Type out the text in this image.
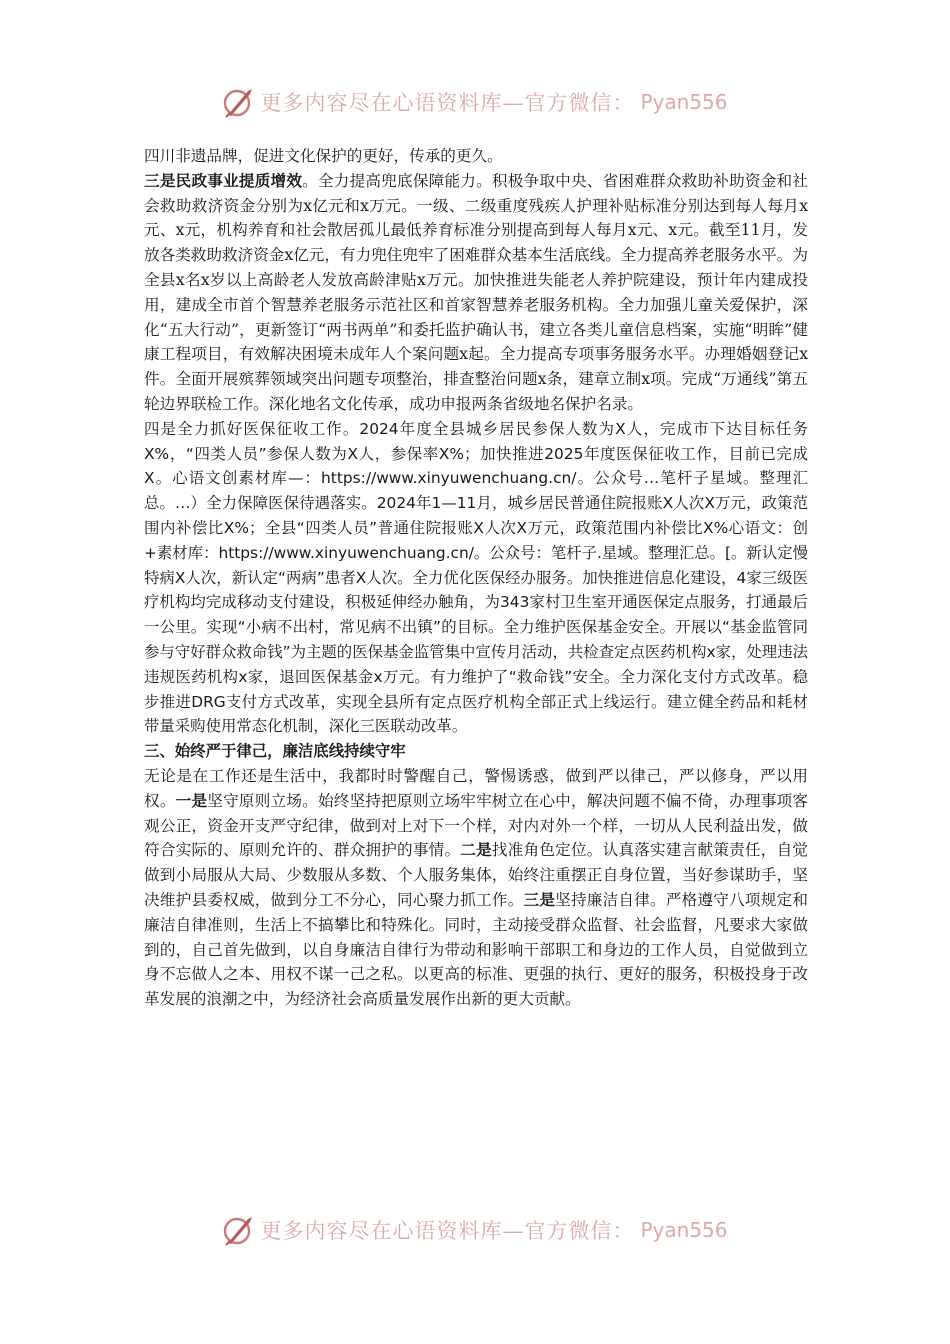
更多内容尽在心语资料库—官方微信： Pyan556

四川非遗品牌，促进文化保护的更好，传承的更久。

三是民政事业提质增效。全力提高兜底保障能力。积极争取中央、省困难群众救助补助资金和社会救助救济资金分别为x亿元和x万元。一级、二级重度残疾人护理补贴标准分别达到每人每月x元、x元，机构养育和社会散居孤儿最低养育标准分别提高到每人每月x元、x元。截至11月，发放各类救助救济资金x亿元，有力兜住兜牢了困难群众基本生活底线。全力提高养老服务水平。为全县x名x岁以上高龄老人发放高龄津贴x万元。加快推进失能老人养护院建设，预计年内建成投用，建成全市首个智慧养老服务示范社区和首家智慧养老服务机构。全力加强儿童关爱保护，深化“五大行动”，更新签订“两书两单”和委托监护确认书，建立各类儿童信息档案，实施“明眸”健康工程项目，有效解决困境未成年人个案问题x起。全力提高专项事务服务水平。办理婚姻登记x件。全面开展殡葬领域突出问题专项整治，排查整治问题x条，建章立制x项。完成“万通线”第五轮边界联检工作。深化地名文化传承，成功申报两条省级地名保护名录。

四是全力抓好医保征收工作。2024年度全县城乡居民参保人数为X人，完成市下达目标任务X%，“四类人员”参保人数为X人，参保率X%；加快推进2025年度医保征收工作，目前已完成X。心语文创素材库—：https://www.xinyuwenchuang.cn/。公众号…笔杆子星域。整理汇总。…）全力保障医保待遇落实。2024年1—11月，城乡居民普通住院报账X人次X万元，政策范围内补偿比X%；全县“四类人员”普通住院报账X人次X万元，政策范围内补偿比X%心语文：创+素材库：https://www.xinyuwenchuang.cn/。公众号：笔杆子.星域。整理汇总。[。新认定慢特病X人次，新认定“两病”患者X人次。全力优化医保经办服务。加快推进信息化建设，4家三级医疗机构均完成移动支付建设，积极延伸经办触角，为343家村卫生室开通医保定点服务，打通最后一公里。实现“小病不出村，常见病不出镇”的目标。全力维护医保基金安全。开展以“基金监管同参与守好群众救命钱”为主题的医保基金监管集中宣传月活动，共检查定点医药机构x家，处理违法违规医药机构x家，退回医保基金x万元。有力维护了“救命钱”安全。全力深化支付方式改革。稳步推进DRG支付方式改革，实现全县所有定点医疗机构全部正式上线运行。建立健全药品和耗材带量采购使用常态化机制，深化三医联动改革。

三、始终严于律己，廉洁底线持续守牢

无论是在工作还是生活中，我都时时警醒自己，警惕诱惑，做到严以律己，严以修身，严以用权。一是坚守原则立场。始终坚持把原则立场牢牢树立在心中，解决问题不偏不倚，办理事项客观公正，资金开支严守纪律，做到对上对下一个样，对内对外一个样，一切从人民利益出发，做符合实际的、原则允许的、群众拥护的事情。二是找准角色定位。认真落实建言献策责任，自觉做到小局服从大局、少数服从多数、个人服务集体，始终注重摆正自身位置，当好参谋助手，坚决维护县委权威，做到分工不分心，同心聚力抓工作。三是坚持廉洁自律。严格遵守八项规定和廉洁自律准则，生活上不搞攀比和特殊化。同时，主动接受群众监督、社会监督，凡要求大家做到的，自己首先做到，以自身廉洁自律行为带动和影响干部职工和身边的工作人员，自觉做到立身不忘做人之本、用权不谋一己之私。以更高的标准、更强的执行、更好的服务，积极投身于改革发展的浪潮之中，为经济社会高质量发展作出新的更大贡献。

更多内容尽在心语资料库—官方微信： Pyan556
